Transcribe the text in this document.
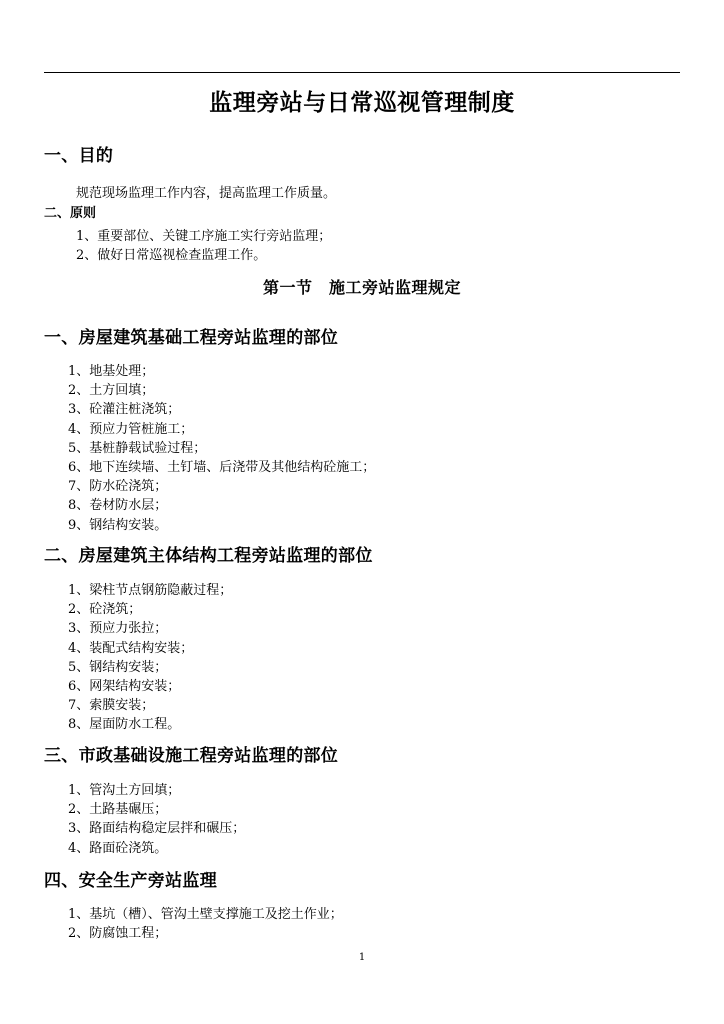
监理旁站与日常巡视管理制度
一、目的
规范现场监理工作内容，提高监理工作质量。
二、原则
1、重要部位、关键工序施工实行旁站监理；
2、做好日常巡视检查监理工作。
第一节　施工旁站监理规定
一、房屋建筑基础工程旁站监理的部位
1、地基处理；
2、土方回填；
3、砼灌注桩浇筑；
4、预应力管桩施工；
5、基桩静载试验过程；
6、地下连续墙、土钉墙、后浇带及其他结构砼施工；
7、防水砼浇筑；
8、卷材防水层；
9、钢结构安装。
二、房屋建筑主体结构工程旁站监理的部位
1、梁柱节点钢筋隐蔽过程；
2、砼浇筑；
3、预应力张拉；
4、装配式结构安装；
5、钢结构安装；
6、网架结构安装；
7、索膜安装；
8、屋面防水工程。
三、市政基础设施工程旁站监理的部位
1、管沟土方回填；
2、土路基碾压；
3、路面结构稳定层拌和碾压；
4、路面砼浇筑。
四、安全生产旁站监理
1、基坑（槽）、管沟土壁支撑施工及挖土作业；
2、防腐蚀工程；
1
